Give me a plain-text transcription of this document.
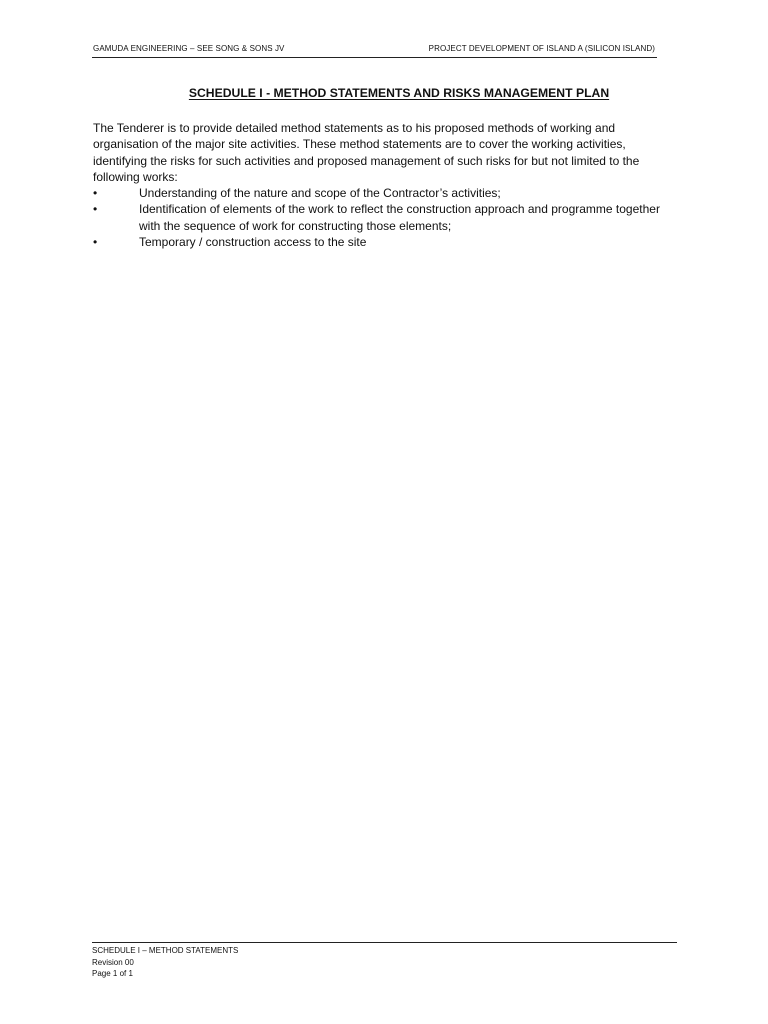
GAMUDA ENGINEERING – SEE SONG & SONS JV	PROJECT DEVELOPMENT OF ISLAND A (SILICON ISLAND)
SCHEDULE I - METHOD STATEMENTS AND RISKS MANAGEMENT PLAN

The Tenderer is to provide detailed method statements as to his proposed methods of working and organisation of the major site activities. These method statements are to cover the working activities, identifying the risks for such activities and proposed management of such risks for but not limited to the following works:

•	Understanding of the nature and scope of the Contractor’s activities;
•	Identification of elements of the work to reflect the construction approach and programme together with the sequence of work for constructing those elements;
•	Temporary / construction access to the site
SCHEDULE I – METHOD STATEMENTS
Revision 00
Page 1 of 1
